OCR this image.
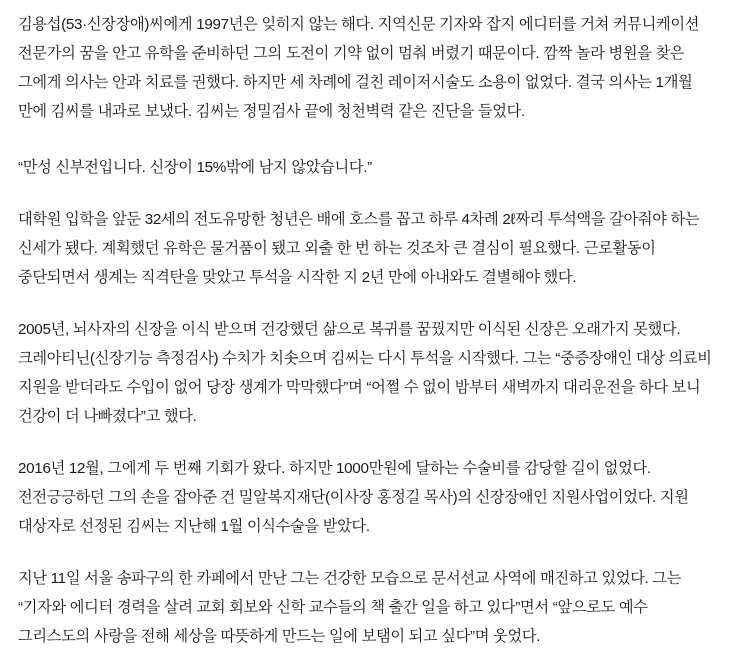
김용섭(53·신장장애)씨에게 1997년은 잊히지 않는 해다. 지역신문 기자와 잡지 에디터를 거쳐 커뮤니케이션 전문가의 꿈을 안고 유학을 준비하던 그의 도전이 기약 없이 멈춰 버렸기 때문이다. 깜짝 놀라 병원을 찾은 그에게 의사는 안과 치료를 권했다. 하지만 세 차례에 걸친 레이저시술도 소용이 없었다. 결국 의사는 1개월 만에 김씨를 내과로 보냈다. 김씨는 정밀검사 끝에 청천벽력 같은 진단을 들었다.

“만성 신부전입니다. 신장이 15%밖에 남지 않았습니다.”

대학원 입학을 앞둔 32세의 전도유망한 청년은 배에 호스를 꼽고 하루 4차례 2ℓ짜리 투석액을 갈아줘야 하는 신세가 됐다. 계획했던 유학은 물거품이 됐고 외출 한 번 하는 것조차 큰 결심이 필요했다. 근로활동이 중단되면서 생계는 직격탄을 맞았고 투석을 시작한 지 2년 만에 아내와도 결별해야 했다.

2005년, 뇌사자의 신장을 이식 받으며 건강했던 삶으로 복귀를 꿈꿨지만 이식된 신장은 오래가지 못했다. 크레아티닌(신장기능 측정검사) 수치가 치솟으며 김씨는 다시 투석을 시작했다. 그는 “중증장애인 대상 의료비 지원을 받더라도 수입이 없어 당장 생계가 막막했다”며 “어쩔 수 없이 밤부터 새벽까지 대리운전을 하다 보니 건강이 더 나빠졌다”고 했다.

2016년 12월, 그에게 두 번째 기회가 왔다. 하지만 1000만원에 달하는 수술비를 감당할 길이 없었다. 전전긍긍하던 그의 손을 잡아준 건 밀알복지재단(이사장 홍정길 목사)의 신장장애인 지원사업이었다. 지원 대상자로 선정된 김씨는 지난해 1월 이식수술을 받았다.

지난 11일 서울 송파구의 한 카페에서 만난 그는 건강한 모습으로 문서선교 사역에 매진하고 있었다. 그는 “기자와 에디터 경력을 살려 교회 회보와 신학 교수들의 책 출간 일을 하고 있다”면서 “앞으로도 예수 그리스도의 사랑을 전해 세상을 따뜻하게 만드는 일에 보탬이 되고 싶다”며 웃었다.
